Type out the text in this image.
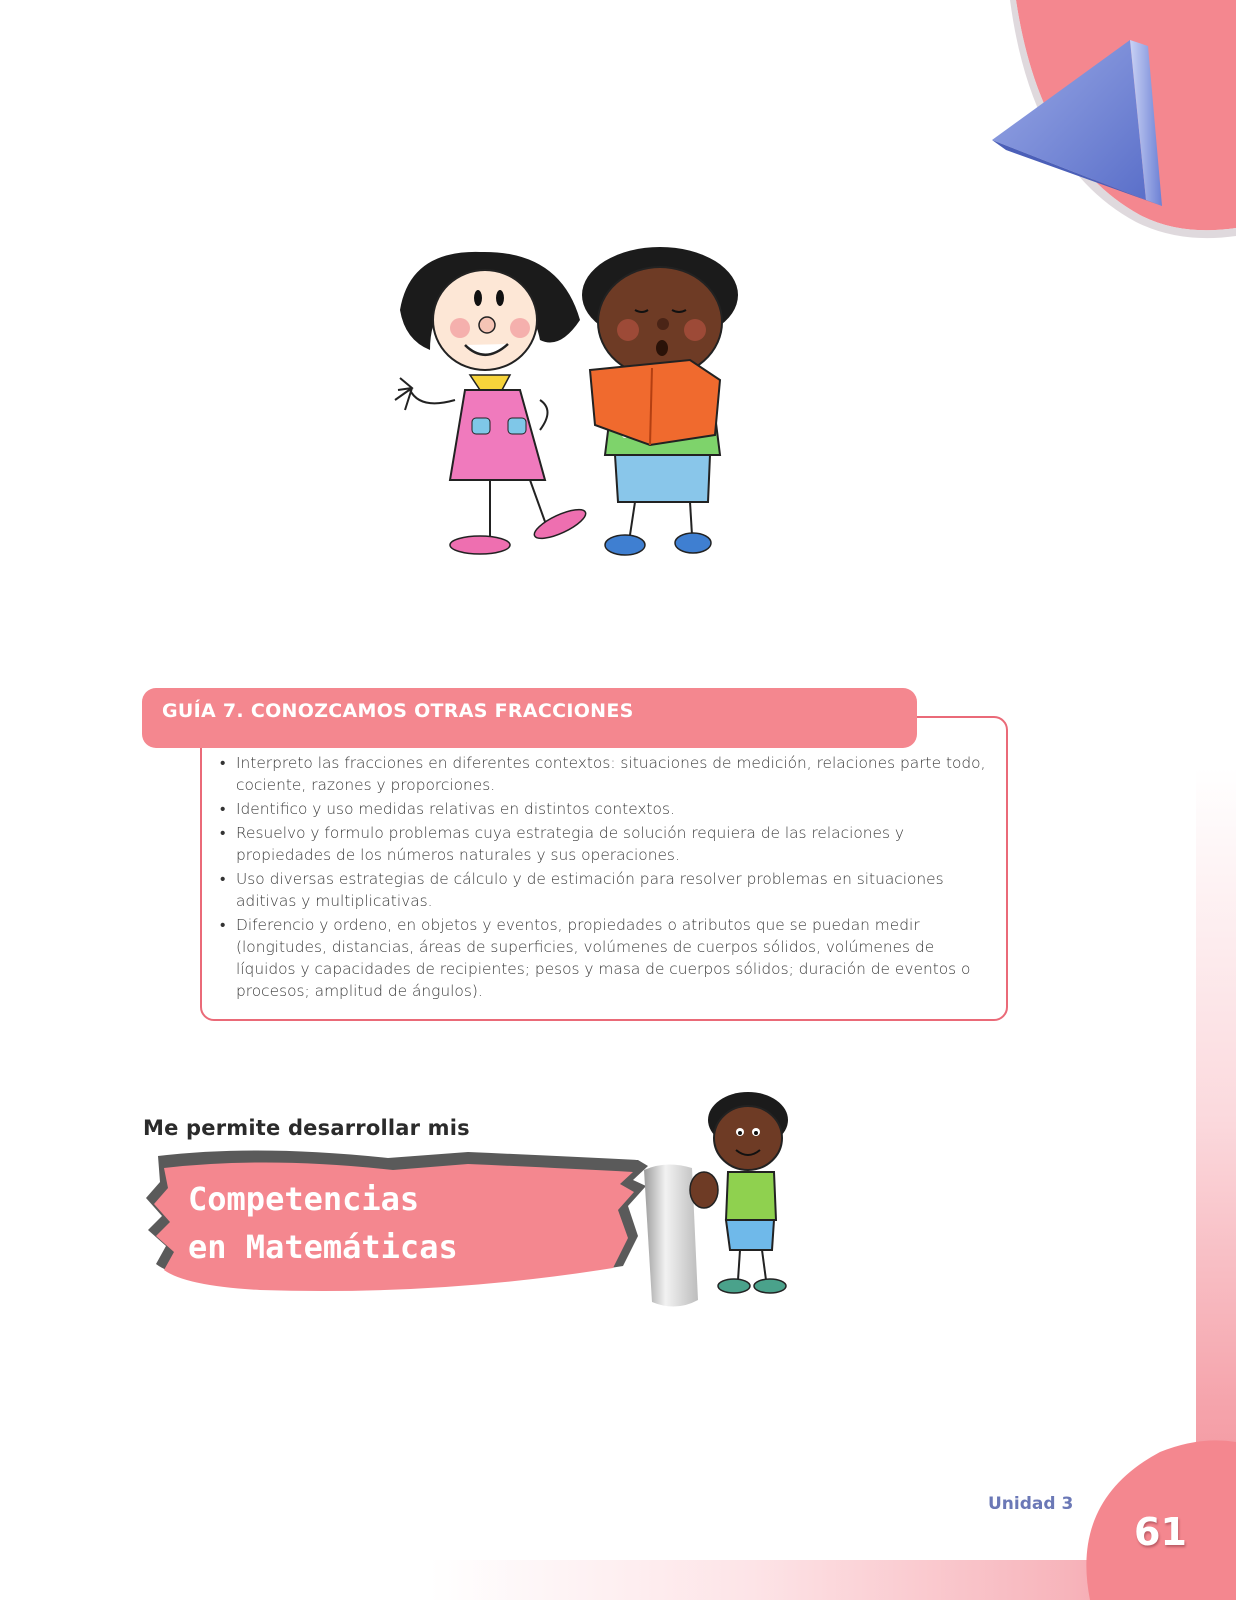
GUÍA 7. CONOZCAMOS OTRAS FRACCIONES
• Interpreto las fracciones en diferentes contextos: situaciones de medición, relaciones parte todo, cociente, razones y proporciones.
• Identifico y uso medidas relativas en distintos contextos.
• Resuelvo y formulo problemas cuya estrategia de solución requiera de las relaciones y propiedades de los números naturales y sus operaciones.
• Uso diversas estrategias de cálculo y de estimación para resolver problemas en situaciones aditivas y multiplicativas.
• Diferencio y ordeno, en objetos y eventos, propiedades o atributos que se puedan medir (longitudes, distancias, áreas de superficies, volúmenes de cuerpos sólidos, volúmenes de líquidos y capacidades de recipientes; pesos y masa de cuerpos sólidos; duración de eventos o procesos; amplitud de ángulos).
Me permite desarrollar mis
Competencias
en Matemáticas
Unidad 3
61
